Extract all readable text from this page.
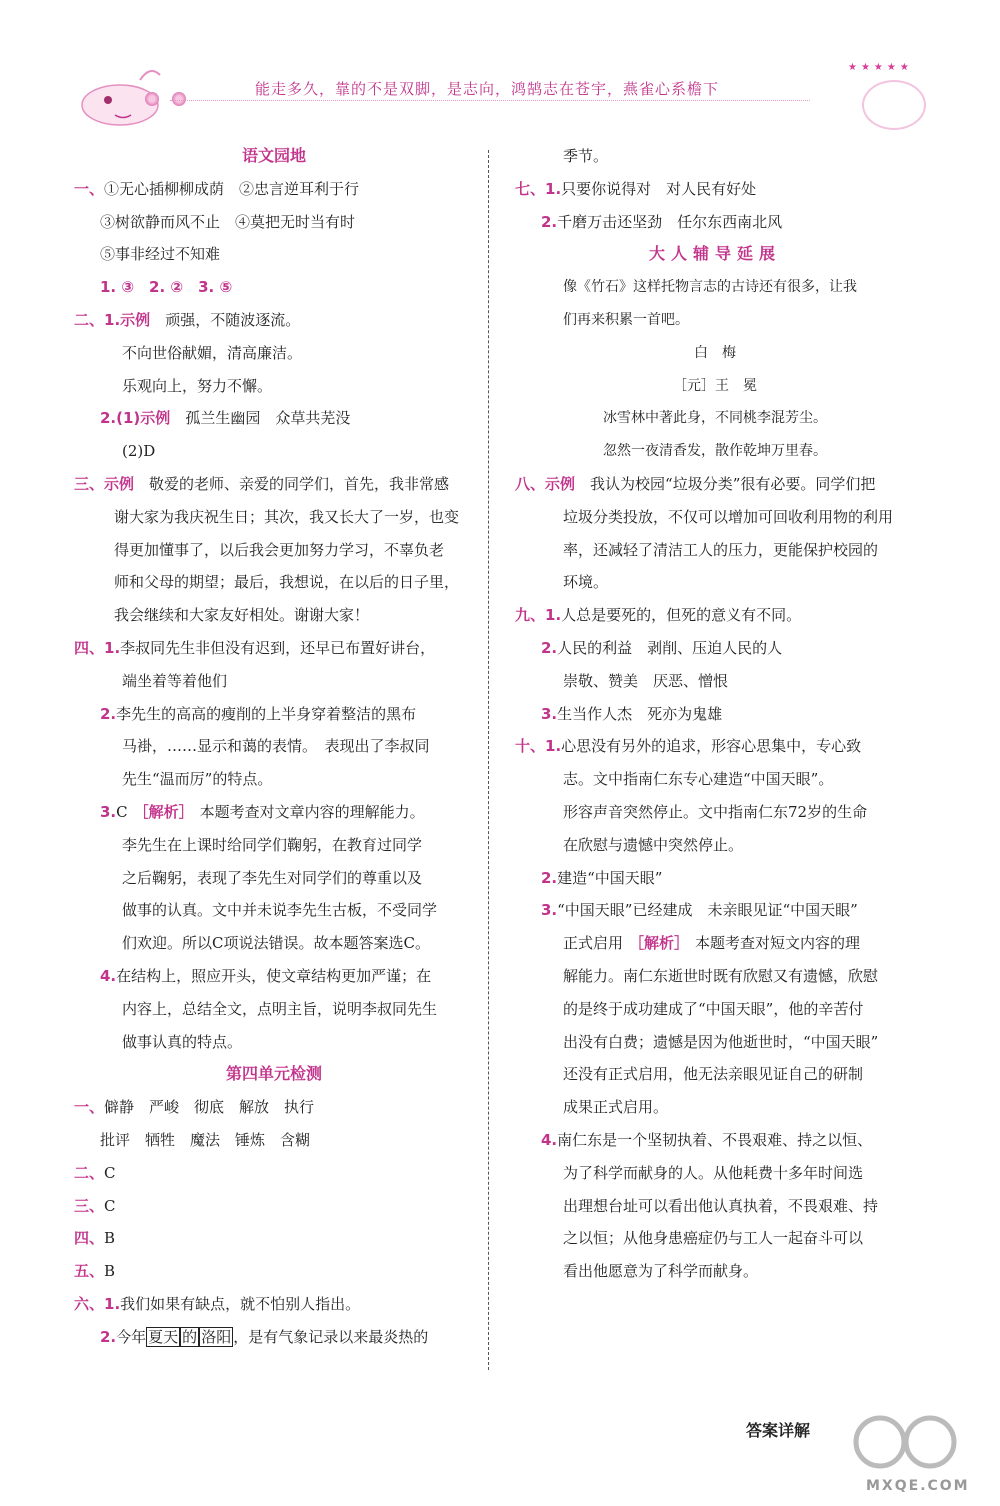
能走多久，靠的不是双脚，是志向，鸿鹄志在苍宇，燕雀心系檐下
★★★★★
语文园地
一、①无心插柳柳成荫　②忠言逆耳利于行
③树欲静而风不止　④莫把无时当有时
⑤事非经过不知难
1. ③　2. ②　3. ⑤
二、1.示例　 顽强，不随波逐流。
不向世俗献媚，清高廉洁。
乐观向上，努力不懈。
2.(1)示例　 孤兰生幽园　众草共芜没
(2)D
三、示例　 敬爱的老师、亲爱的同学们，首先，我非常感
谢大家为我庆祝生日；其次，我又长大了一岁，也变
得更加懂事了，以后我会更加努力学习，不辜负老
师和父母的期望；最后，我想说，在以后的日子里，
我会继续和大家友好相处。谢谢大家！
四、1.李叔同先生非但没有迟到，还早已布置好讲台，
端坐着等着他们
2.李先生的高高的瘦削的上半身穿着整洁的黑布
马褂，……显示和蔼的表情。　表现出了李叔同
先生“温而厉”的特点。
3.C ［解析］ 本题考查对文章内容的理解能力。
李先生在上课时给同学们鞠躬，在教育过同学
之后鞠躬，表现了李先生对同学们的尊重以及
做事的认真。文中并未说李先生古板，不受同学
们欢迎。所以C项说法错误。故本题答案选C。
4.在结构上，照应开头，使文章结构更加严谨；在
内容上，总结全文，点明主旨，说明李叔同先生
做事认真的特点。
第四单元检测
一、僻静　严峻　彻底　解放　执行
批评　牺牲　魔法　锤炼　含糊
二、C
三、C
四、B
五、B
六、1.我们如果有缺点，就不怕别人指出。
2.今年 夏天 的 洛阳 ，是有气象记录以来最炎热的
季节。
七、1.只要你说得对　对人民有好处
2.千磨万击还坚劲　任尔东西南北风
大人辅导延展
像《竹石》这样托物言志的古诗还有很多，让我
们再来积累一首吧。
白　梅
［元］王　冕
冰雪林中著此身，不同桃李混芳尘。
忽然一夜清香发，散作乾坤万里春。
八、示例　 我认为校园“垃圾分类”很有必要。同学们把
垃圾分类投放，不仅可以增加可回收利用物的利用
率，还减轻了清洁工人的压力，更能保护校园的
环境。
九、1.人总是要死的，但死的意义有不同。
2.人民的利益　剥削、压迫人民的人
崇敬、赞美　厌恶、憎恨
3.生当作人杰　死亦为鬼雄
十、1.心思没有另外的追求，形容心思集中，专心致
志。文中指南仁东专心建造“中国天眼”。
形容声音突然停止。文中指南仁东72岁的生命
在欣慰与遗憾中突然停止。
2.建造“中国天眼”
3.“中国天眼”已经建成　未亲眼见证“中国天眼”
正式启用 ［解析］ 本题考查对短文内容的理
解能力。南仁东逝世时既有欣慰又有遗憾，欣慰
的是终于成功建成了“中国天眼”，他的辛苦付
出没有白费；遗憾是因为他逝世时，“中国天眼”
还没有正式启用，他无法亲眼见证自己的研制
成果正式启用。
4.南仁东是一个坚韧执着、不畏艰难、持之以恒、
为了科学而献身的人。从他耗费十多年时间选
出理想台址可以看出他认真执着，不畏艰难、持
之以恒；从他身患癌症仍与工人一起奋斗可以
看出他愿意为了科学而献身。
答案详解
MXQE.COM
